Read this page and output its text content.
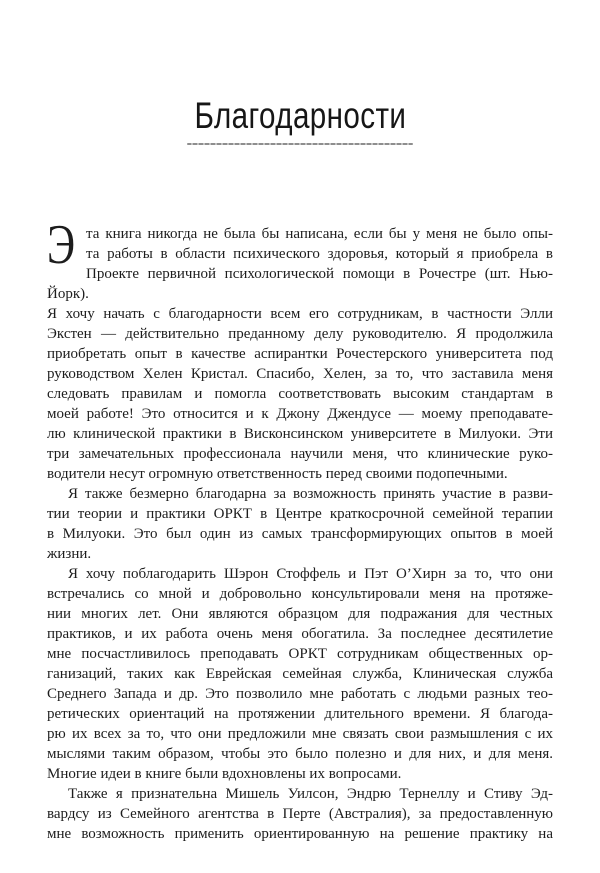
Благодарности

Э та книга никогда не была бы написана, если бы у меня не было опы-
та работы в области психического здоровья, который я приобрела в
Проекте первичной психологической помощи в Рочестре (шт. Нью-Йорк).
Я хочу начать с благодарности всем его сотрудникам, в частности Элли
Экстен — действительно преданному делу руководителю. Я продолжила
приобретать опыт в качестве аспирантки Рочестерского университета под
руководством Хелен Кристал. Спасибо, Хелен, за то, что заставила меня
следовать правилам и помогла соответствовать высоким стандартам в
моей работе! Это относится и к Джону Джендусе — моему преподавате-
лю клинической практики в Висконсинском университете в Милуоки. Эти
три замечательных профессионала научили меня, что клинические руко-
водители несут огромную ответственность перед своими подопечными.

Я также безмерно благодарна за возможность принять участие в разви-
тии теории и практики ОРКТ в Центре краткосрочной семейной терапии
в Милуоки. Это был один из самых трансформирующих опытов в моей
жизни.

Я хочу поблагодарить Шэрон Стоффель и Пэт О’Хирн за то, что они
встречались со мной и добровольно консультировали меня на протяже-
нии многих лет. Они являются образцом для подражания для честных
практиков, и их работа очень меня обогатила. За последнее десятилетие
мне посчастливилось преподавать ОРКТ сотрудникам общественных ор-
ганизаций, таких как Еврейская семейная служба, Клиническая служба
Среднего Запада и др. Это позволило мне работать с людьми разных тео-
ретических ориентаций на протяжении длительного времени. Я благода-
рю их всех за то, что они предложили мне связать свои размышления с их
мыслями таким образом, чтобы это было полезно и для них, и для меня.
Многие идеи в книге были вдохновлены их вопросами.

Также я признательна Мишель Уилсон, Эндрю Тернеллу и Стиву Эд-
вардсу из Семейного агентства в Перте (Австралия), за предоставленную
мне возможность применить ориентированную на решение практику на
